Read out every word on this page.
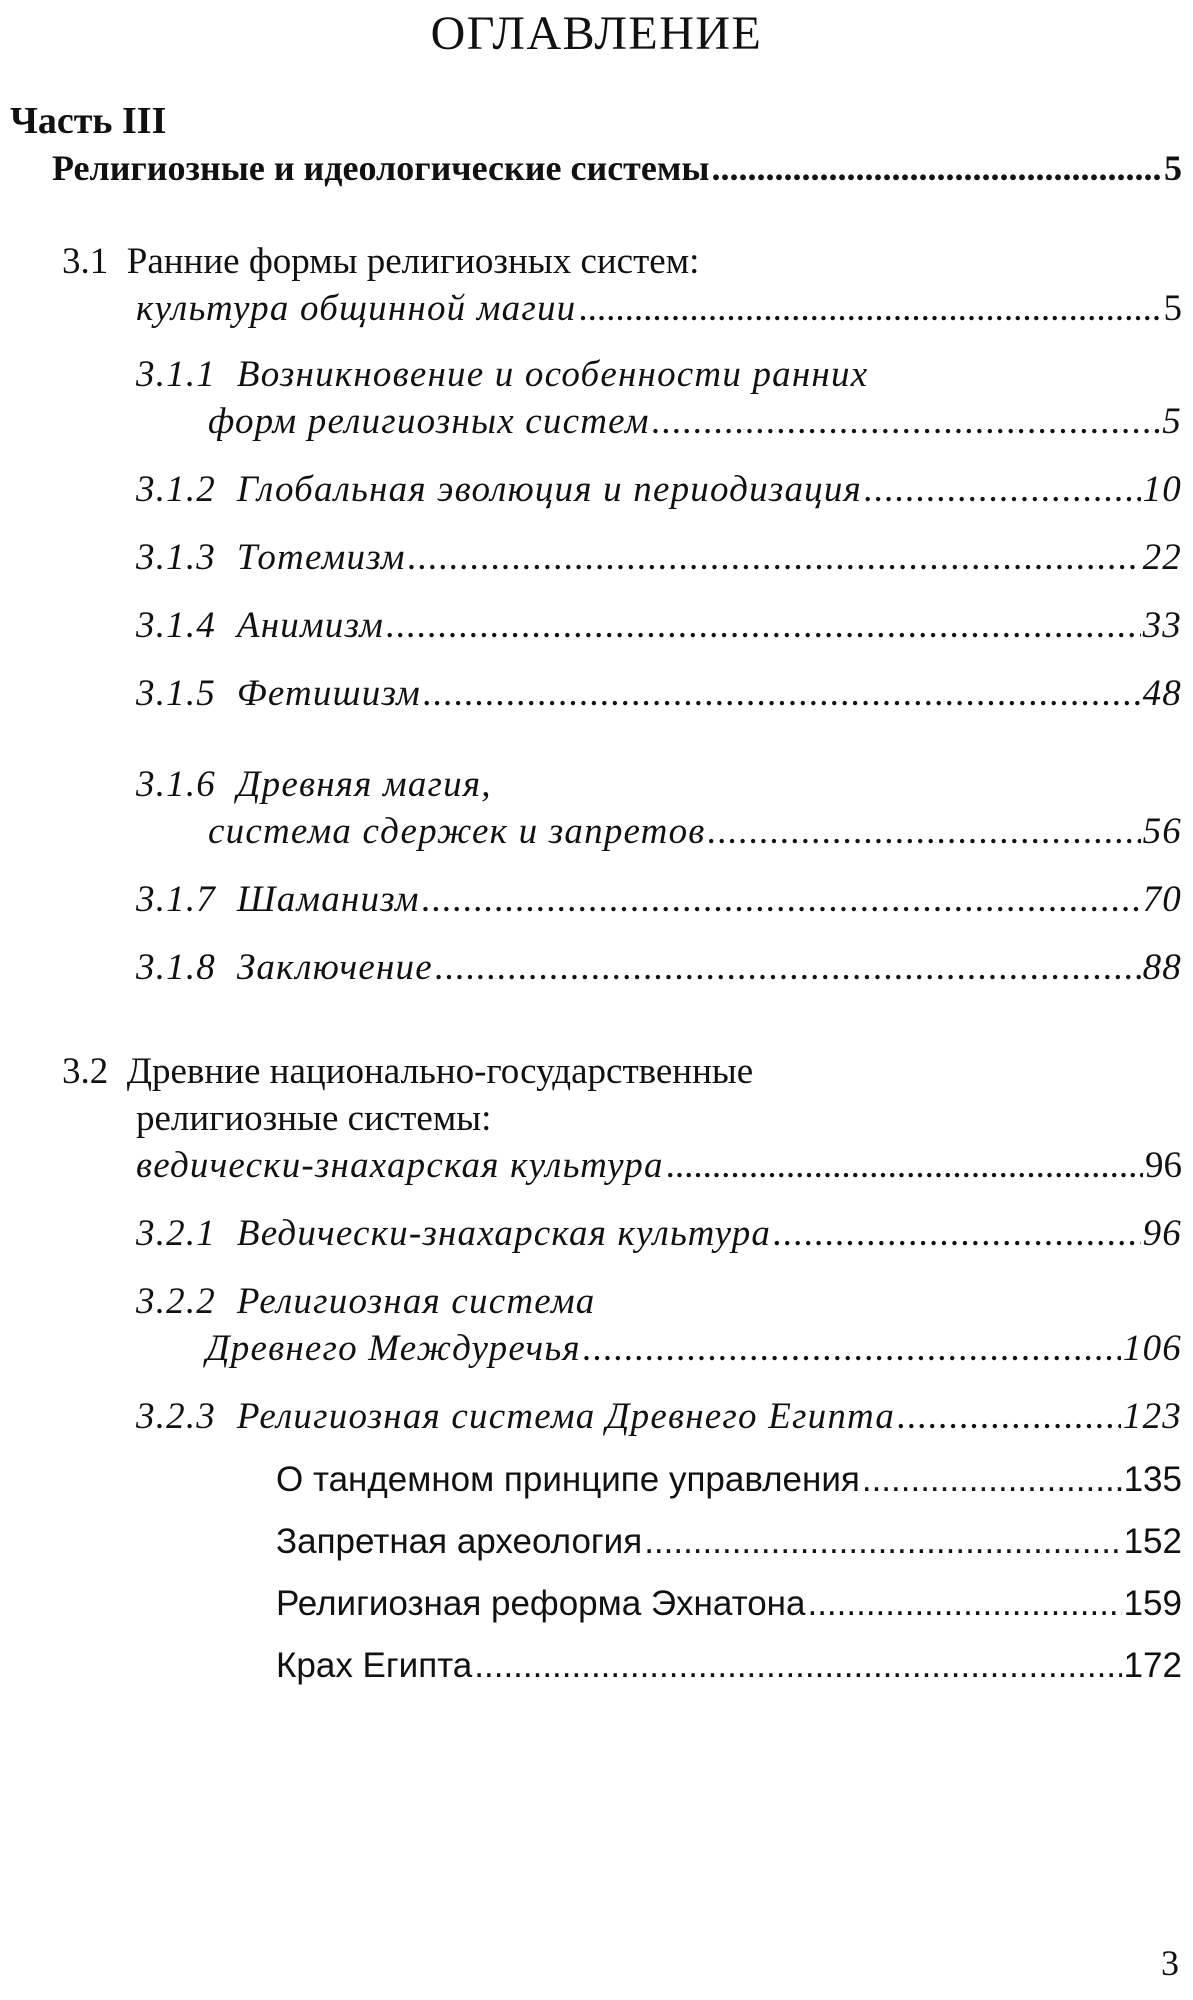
ОГЛАВЛЕНИЕ
Часть III
Религиозные и идеологические системы .....	5
3.1 Ранние формы религиозных систем:
культура общинной магии .....	5
3.1.1 Возникновение и особенности ранних
форм религиозных систем .....	5
3.1.2 Глобальная эволюция и периодизация .....	10
3.1.3 Тотемизм .....	22
3.1.4 Анимизм .....	33
3.1.5 Фетишизм .....	48
3.1.6 Древняя магия,
система сдержек и запретов .....	56
3.1.7 Шаманизм .....	70
3.1.8 Заключение .....	88
3.2 Древние национально-государственные
религиозные системы:
ведически-знахарская культура .....	96
3.2.1 Ведически-знахарская культура .....	96
3.2.2 Религиозная система
Древнего Междуречья .....	106
3.2.3 Религиозная система Древнего Египта .....	123
О тандемном принципе управления .....	135
Запретная археология .....	152
Религиозная реформа Эхнатона .....	159
Крах Египта .....	172
3
